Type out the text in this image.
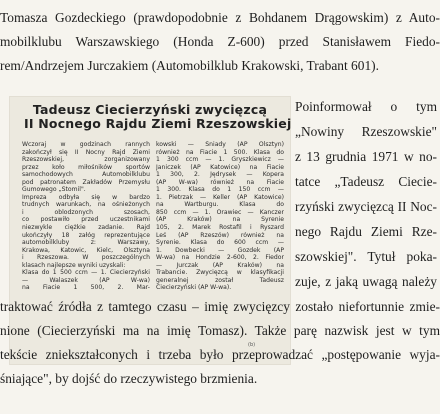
Tomasza Gozdeckiego (prawdopodobnie z Bohdanem Drągowskim) z Auto-
mobilklubu Warszawskiego (Honda Z-600) przed Stanisławem Fiedo-
rem/Andrzejem Jurczakiem (Automobilklub Krakowski, Trabant 601).
Tadeusz Ciecierzyński zwycięzcą
II Nocnego Rajdu Ziemi Rzeszowskiej
Wczoraj w godzinach rannych
zakończył się II Nocny Rajd Ziemi
Rzeszowskiej, zorganizowany
przez koło miłośników sportów
samochodowych Automobilklubu
pod patronatem Zakładów Przemysłu
Gumowego „Stomil".
Impreza odbyła się w bardzo
trudnych warunkach, na ośnieżonych
i oblodzonych szosach,
co postawiło przed uczestnikami
niezwykle ciężkie zadanie. Rajd
ukończyły 18 załóg reprezentujące
automobilkluby z: Warszawy,
Krakowa, Katowic, Kielc, Olsztyna
i Rzeszowa. W poszczególnych
klasach najlepsze wyniki uzyskali:
Klasa do 1 500 ccm — 1. Ciecierzyński
— Walaszek (AP W-wa)
na Fiacie 1 500, 2. Mar-
kowski — Śniady (AP Olsztyn)
również na Fiacie 1 500. Klasa do
1 300 ccm — 1. Gryszkiewicz —
Janiczek (AP Katowice) na Fiacie
1 300, 2. Jędrysek — Kopera
(AP W-wa) również na Fiacie
1 300. Klasa do 1 150 ccm —
1. Pietrzak — Keller (AP Katowice)
na Wartburgu. Klasa do
850 ccm — 1. Orawiec — Kanczer
(AP Kraków) na Syrenie
105, 2. Marek Rostafil i Ryszard
Leś (AP Rzeszów) również na
Syrenie. Klasa do 600 ccm —
1. Dowbecki — Gozdek (AP
W-wa) na Hondzie 2-600, 2. Fiedor
— Jurczak (AP Kraków) na
Trabancie. Zwycięzcą w klasyfikacji
generalnej został Tadeusz
Ciecierzyński (AP W-wa).
(b)
Poinformował o tym
„Nowiny Rzeszowskie"
z 13 grudnia 1971 w no-
tatce „Tadeusz Ciecie-
rzyński zwycięzcą II Noc-
nego Rajdu Ziemi Rze-
szowskiej". Tytuł poka-
zuje, z jaką uwagą należy
traktować źródła z tamtego czasu – imię zwycięzcy zostało niefortunnie zmie-
nione (Ciecierzyński ma na imię Tomasz). Także parę nazwisk jest w tym
tekście zniekształconych i trzeba było przeprowadzać „postępowanie wyja-
śniające", by dojść do rzeczywistego brzmienia.
